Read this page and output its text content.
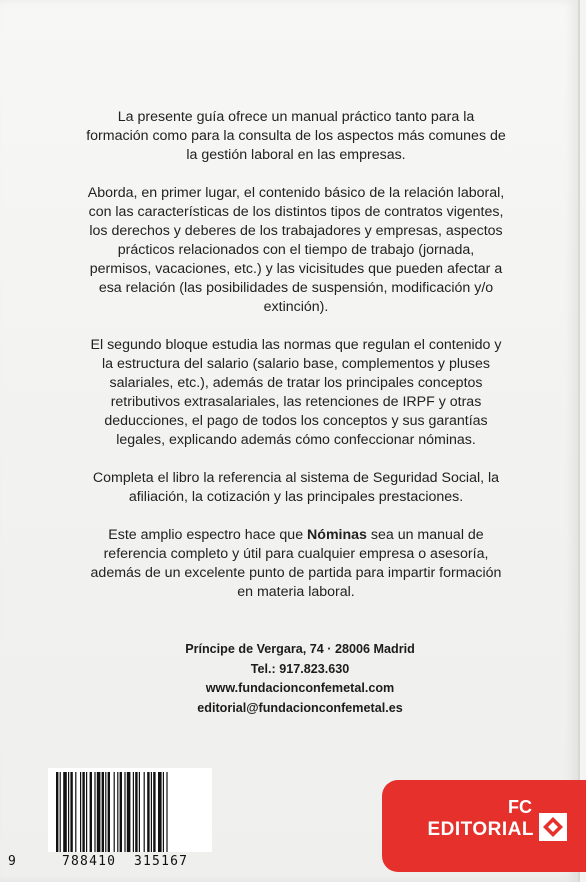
La presente guía ofrece un manual práctico tanto para la formación como para la consulta de los aspectos más comunes de la gestión laboral en las empresas.

Aborda, en primer lugar, el contenido básico de la relación laboral, con las características de los distintos tipos de contratos vigentes, los derechos y deberes de los trabajadores y empresas, aspectos prácticos relacionados con el tiempo de trabajo (jornada, permisos, vacaciones, etc.) y las vicisitudes que pueden afectar a esa relación (las posibilidades de suspensión, modificación y/o extinción).

El segundo bloque estudia las normas que regulan el contenido y la estructura del salario (salario base, complementos y pluses salariales, etc.), además de tratar los principales conceptos retributivos extrasalariales, las retenciones de IRPF y otras deducciones, el pago de todos los conceptos y sus garantías legales, explicando además cómo confeccionar nóminas.

Completa el libro la referencia al sistema de Seguridad Social, la afiliación, la cotización y las principales prestaciones.

Este amplio espectro hace que Nóminas sea un manual de referencia completo y útil para cualquier empresa o asesoría, además de un excelente punto de partida para impartir formación en materia laboral.

Príncipe de Vergara, 74 · 28006 Madrid
Tel.: 917.823.630
www.fundacionconfemetal.com
editorial@fundacionconfemetal.es
9	788410 315167
FC
EDITORIAL
